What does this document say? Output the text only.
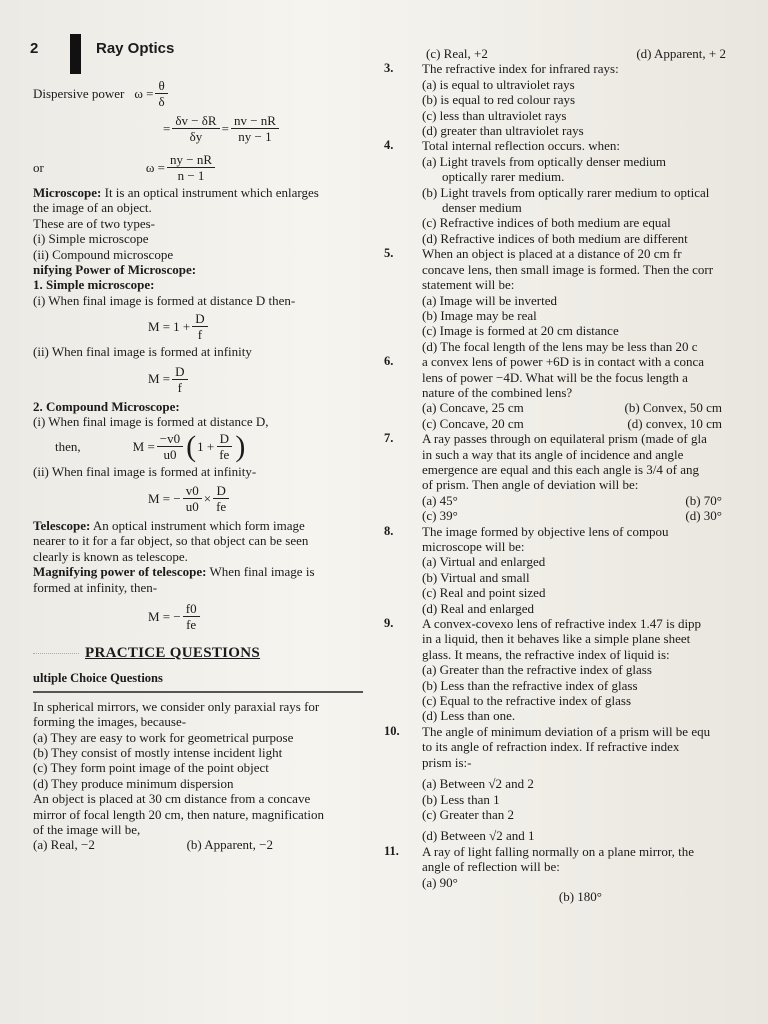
2	Ray Optics
Dispersive power $\omega = \frac{\theta}{\delta}$
= $\frac{\delta v - \delta R}{\delta y} = \frac{nv - nR}{ny - 1}$
or	$\omega = \frac{ny - nR}{n - 1}$
Microscope: It is an optical instrument which enlarges
the image of an object.
These are of two types-
(i) Simple microscope
(ii) Compound microscope
nifying Power of Microscope:
1. Simple microscope:
(i) When final image is formed at distance D then-
$M = 1 + \frac{D}{f}$
(ii) When final image is formed at infinity
$M = \frac{D}{f}$
2. Compound Microscope:
(i) When final image is formed at distance D,
then,	$M = \frac{-v0}{u0}$ ( $1 + \frac{D}{fe}$ )
(ii) When final image is formed at infinity-
M = − $\frac{v0}{u0} \times \frac{D}{fe}$
Telescope: An optical instrument which form image
nearer to it for a far object, so that object can be seen
clearly is known as telescope.
Magnifying power of telescope: When final image is
formed at infinity, then-
M = − $\frac{f0}{fe}$
PRACTICE QUESTIONS
ultiple Choice Questions
In spherical mirrors, we consider only paraxial rays for
forming the images, because-
(a) They are easy to work for geometrical purpose
(b) They consist of mostly intense incident light
(c) They form point image of the point object
(d) They produce minimum dispersion
An object is placed at 30 cm distance from a concave
mirror of focal length 20 cm, then nature, magnification
of the image will be,
(a) Real, −2	(b) Apparent, −2
(c) Real, +2	(d) Apparent, + 2
3.	The refractive index for infrared rays:
(a) is equal to ultraviolet rays
(b) is equal to red colour rays
(c) less than ultraviolet rays
(d) greater than ultraviolet rays
4.	Total internal reflection occurs. when:
(a) Light travels from optically denser medium
optically rarer medium.
(b) Light travels from optically rarer medium to optical
denser medium
(c) Refractive indices of both medium are equal
(d) Refractive indices of both medium are different
5.	When an object is placed at a distance of 20 cm fr
concave lens, then small image is formed. Then the corr
statement will be:
(a) Image will be inverted
(b) Image may be real
(c) Image is formed at 20 cm distance
(d) The focal length of the lens may be less than 20 c
6.	a convex lens of power +6D is in contact with a conca
lens of power −4D. What will be the focus length a
nature of the combined lens?
(a) Concave, 25 cm	(b) Convex, 50 cm
(c) Concave, 20 cm	(d) convex, 10 cm
7.	A ray passes through on equilateral prism (made of gla
in such a way that its angle of incidence and angle
emergence are equal and this each angle is 3/4 of ang
of prism. Then angle of deviation will be:
(a) 45°	(b) 70°
(c) 39°	(d) 30°
8.	The image formed by objective lens of compou
microscope will be:
(a) Virtual and enlarged
(b) Virtual and small
(c) Real and point sized
(d) Real and enlarged
9.	A convex-covexo lens of refractive index 1.47 is dipp
in a liquid, then it behaves like a simple plane sheet
glass. It means, the refractive index of liquid is:
(a) Greater than the refractive index of glass
(b) Less than the refractive index of glass
(c) Equal to the refractive index of glass
(d) Less than one.
10.	The angle of minimum deviation of a prism will be equ
to its angle of refraction index. If refractive index
prism is:-
(a) Between √2 and 2
(b) Less than 1
(c) Greater than 2
(d) Between √2 and 1
11.	A ray of light falling normally on a plane mirror, the
angle of reflection will be:
(a) 90°
(b) 180°
